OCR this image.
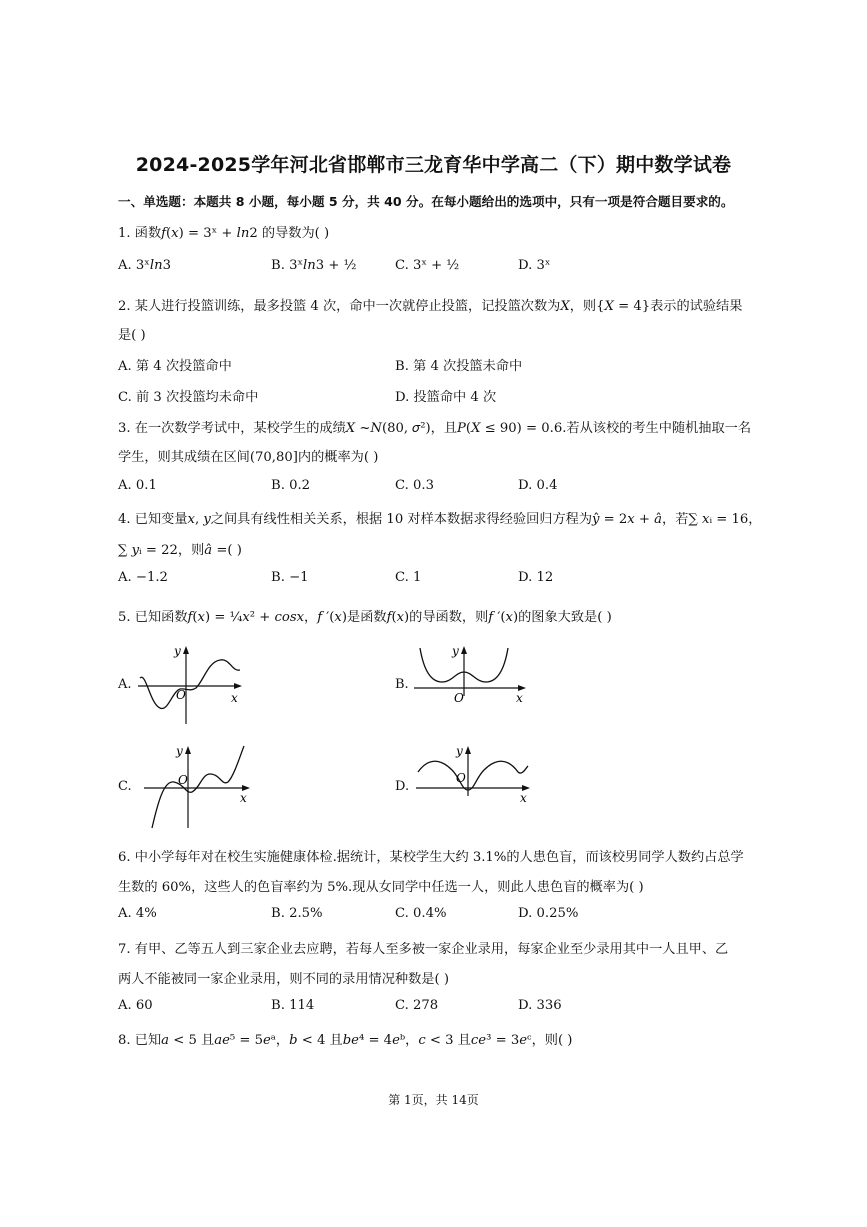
2024-2025学年河北省邯郸市三龙育华中学高二（下）期中数学试卷
一、单选题：本题共 8 小题，每小题 5 分，共 40 分。在每小题给出的选项中，只有一项是符合题目要求的。
1. 函数𝑓(𝑥) = 3ˣ + 𝑙𝑛2 的导数为( )
A. 3ˣ𝑙𝑛3	B. 3ˣ𝑙𝑛3 + ½	C. 3ˣ + ½	D. 3ˣ
2. 某人进行投篮训练，最多投篮 4 次，命中一次就停止投篮，记投篮次数为𝑋，则{𝑋 = 4}表示的试验结果
是( )
A. 第 4 次投篮命中	B. 第 4 次投篮未命中
C. 前 3 次投篮均未命中	D. 投篮命中 4 次
3. 在一次数学考试中，某校学生的成绩𝑋 ~𝑁(80, 𝜎²)，且𝑃(𝑋 ≤ 90) = 0.6.若从该校的考生中随机抽取一名
学生，则其成绩在区间(70,80]内的概率为( )
A. 0.1	B. 0.2	C. 0.3	D. 0.4
4. 已知变量𝑥, 𝑦之间具有线性相关关系，根据 10 对样本数据求得经验回归方程为𝑦̂ = 2𝑥 + 𝑎̂，若∑ 𝑥ᵢ = 16，
∑ 𝑦ᵢ = 22，则𝑎̂ =( )
A. −1.2	B. −1	C. 1	D. 12
5. 已知函数𝑓(𝑥) = ¼𝑥² + 𝑐𝑜𝑠𝑥，𝑓 ′(𝑥)是函数𝑓(𝑥)的导函数，则𝑓 ′(𝑥)的图象大致是( )
A.
y
x
O
B.
y
x
O
C.
y
x
O	D.
y
x
O
6. 中小学每年对在校生实施健康体检.据统计，某校学生大约 3.1%的人患色盲，而该校男同学人数约占总学
生数的 60%，这些人的色盲率约为 5%.现从女同学中任选一人，则此人患色盲的概率为( )
A. 4%	B. 2.5%	C. 0.4%	D. 0.25%
7. 有甲、乙等五人到三家企业去应聘，若每人至多被一家企业录用，每家企业至少录用其中一人且甲、乙
两人不能被同一家企业录用，则不同的录用情况种数是( )
A. 60	B. 114	C. 278	D. 336
8. 已知𝑎 < 5 且𝑎𝑒⁵ = 5𝑒ᵃ，𝑏 < 4 且𝑏𝑒⁴ = 4𝑒ᵇ，𝑐 < 3 且𝑐𝑒³ = 3𝑒ᶜ，则( )
第 1页，共 14页
